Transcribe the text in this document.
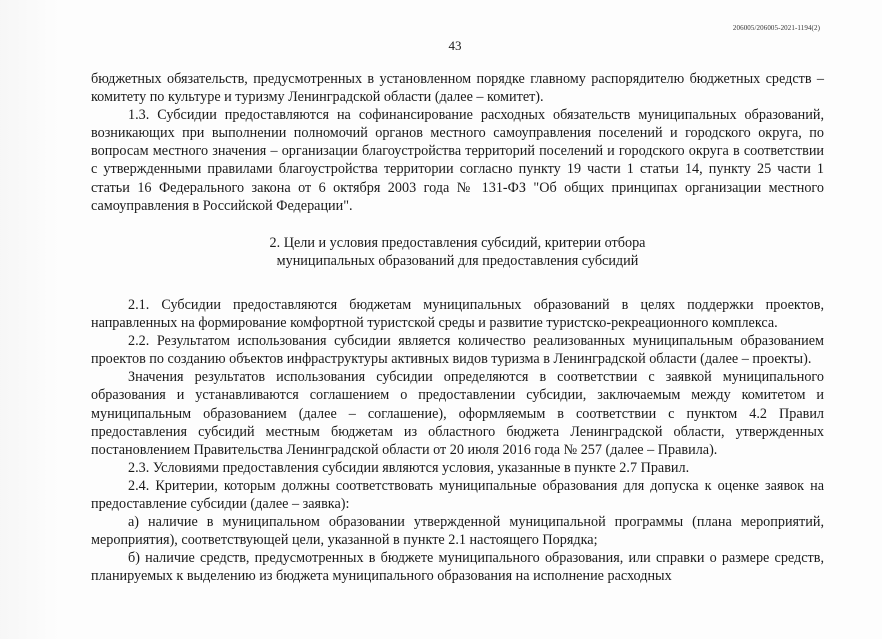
206005/206005-2021-1194(2)
43

бюджетных обязательств, предусмотренных в установленном порядке главному распорядителю бюджетных средств – комитету по культуре и туризму Ленинградской области (далее – комитет).

1.3. Субсидии предоставляются на софинансирование расходных обязательств муниципальных образований, возникающих при выполнении полномочий органов местного самоуправления поселений и городского округа, по вопросам местного значения – организации благоустройства территорий поселений и городского округа в соответствии с утвержденными правилами благоустройства территории согласно пункту 19 части 1 статьи 14, пункту 25 части 1 статьи 16 Федерального закона от 6 октября 2003 года № 131-ФЗ "Об общих принципах организации местного самоуправления в Российской Федерации".

2. Цели и условия предоставления субсидий, критерии отбора
муниципальных образований для предоставления субсидий

2.1. Субсидии предоставляются бюджетам муниципальных образований в целях поддержки проектов, направленных на формирование комфортной туристской среды и развитие туристско-рекреационного комплекса.

2.2. Результатом использования субсидии является количество реализованных муниципальным образованием проектов по созданию объектов инфраструктуры активных видов туризма в Ленинградской области (далее – проекты).

Значения результатов использования субсидии определяются в соответствии с заявкой муниципального образования и устанавливаются соглашением о предоставлении субсидии, заключаемым между комитетом и муниципальным образованием (далее – соглашение), оформляемым в соответствии с пунктом 4.2 Правил предоставления субсидий местным бюджетам из областного бюджета Ленинградской области, утвержденных постановлением Правительства Ленинградской области от 20 июля 2016 года № 257 (далее – Правила).

2.3. Условиями предоставления субсидии являются условия, указанные в пункте 2.7 Правил.

2.4. Критерии, которым должны соответствовать муниципальные образования для допуска к оценке заявок на предоставление субсидии (далее – заявка):

а) наличие в муниципальном образовании утвержденной муниципальной программы (плана мероприятий, мероприятия), соответствующей цели, указанной в пункте 2.1 настоящего Порядка;

б) наличие средств, предусмотренных в бюджете муниципального образования, или справки о размере средств, планируемых к выделению из бюджета муниципального образования на исполнение расходных
